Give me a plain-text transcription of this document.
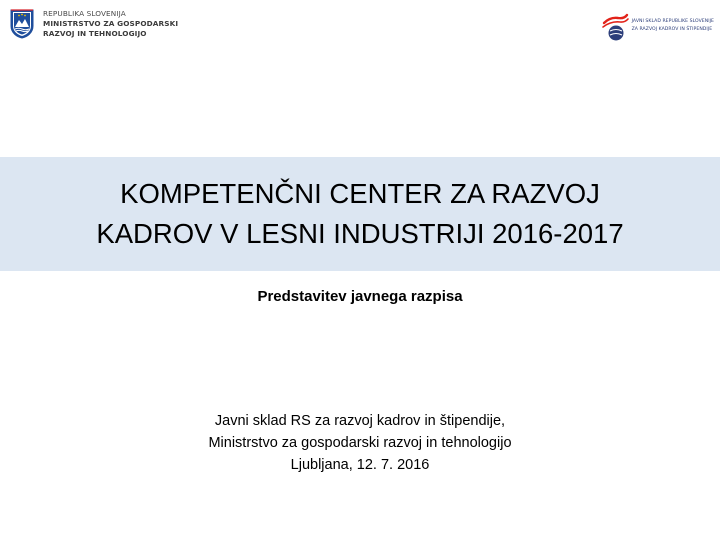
REPUBLIKA SLOVENIJA
MINISTRSTVO ZA GOSPODARSKI
RAZVOJ IN TEHNOLOGIJO
JAVNI SKLAD REPUBLIKE SLOVENIJE
ZA RAZVOJ KADROV IN ŠTIPENDIJE
KOMPETENČNI CENTER ZA RAZVOJ
KADROV V LESNI INDUSTRIJI 2016-2017
Predstavitev javnega razpisa
Javni sklad RS za razvoj kadrov in štipendije,
Ministrstvo za gospodarski razvoj in tehnologijo
Ljubljana, 12. 7. 2016
